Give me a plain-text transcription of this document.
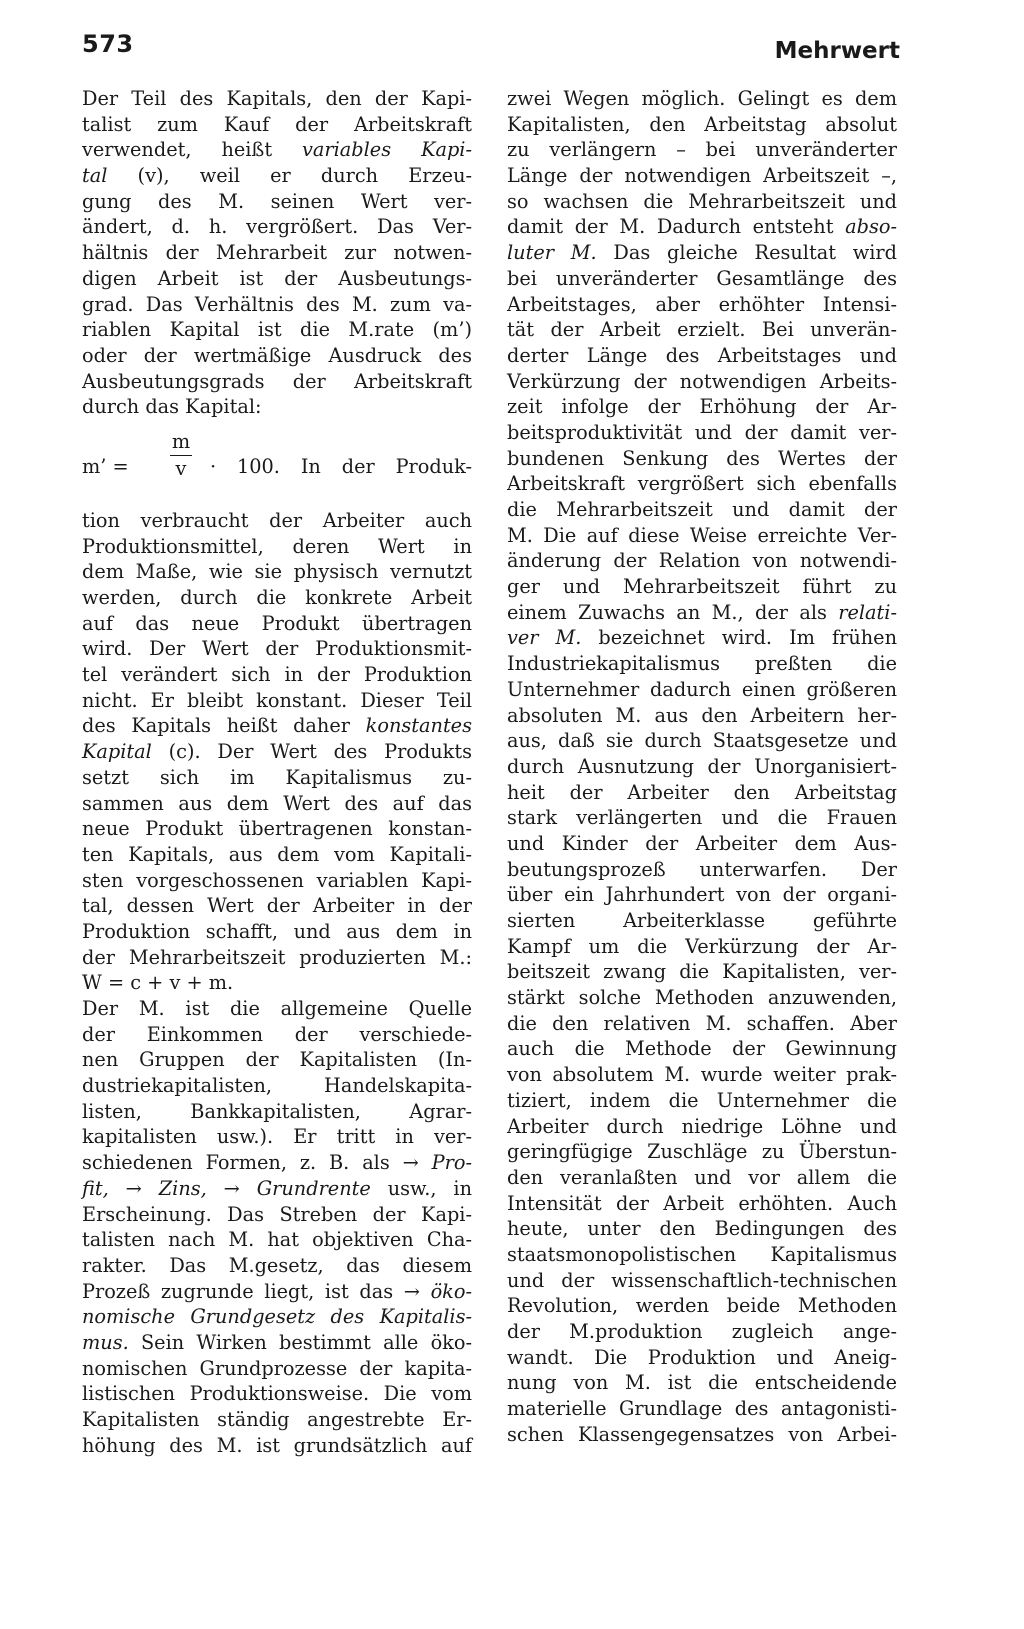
573	Mehrwert
Der Teil des Kapitals, den der Kapi-
talist zum Kauf der Arbeitskraft
verwendet, heißt variables Kapi-
tal (v), weil er durch Erzeu-
gung des M. seinen Wert ver-
ändert, d. h. vergrößert. Das Ver-
hältnis der Mehrarbeit zur notwen-
digen Arbeit ist der Ausbeutungs-
grad. Das Verhältnis des M. zum va-
riablen Kapital ist die M.rate (m’)
oder der wertmäßige Ausdruck des
Ausbeutungsgrads der Arbeitskraft
durch das Kapital:
m’ =
m
v	· 100. In der Produk-
tion verbraucht der Arbeiter auch
Produktionsmittel, deren Wert in
dem Maße, wie sie physisch vernutzt
werden, durch die konkrete Arbeit
auf das neue Produkt übertragen
wird. Der Wert der Produktionsmit-
tel verändert sich in der Produktion
nicht. Er bleibt konstant. Dieser Teil
des Kapitals heißt daher konstantes
Kapital (c). Der Wert des Produkts
setzt sich im Kapitalismus zu-
sammen aus dem Wert des auf das
neue Produkt übertragenen konstan-
ten Kapitals, aus dem vom Kapitali-
sten vorgeschossenen variablen Kapi-
tal, dessen Wert der Arbeiter in der
Produktion schafft, und aus dem in
der Mehrarbeitszeit produzierten M.:
W = c + v + m.
Der M. ist die allgemeine Quelle
der Einkommen der verschiede-
nen Gruppen der Kapitalisten (In-
dustriekapitalisten, Handelskapita-
listen, Bankkapitalisten, Agrar-
kapitalisten usw.). Er tritt in ver-
schiedenen Formen, z. B. als → Pro-
fit, → Zins, → Grundrente usw., in
Erscheinung. Das Streben der Kapi-
talisten nach M. hat objektiven Cha-
rakter. Das M.gesetz, das diesem
Prozeß zugrunde liegt, ist das → öko-
nomische Grundgesetz des Kapitalis-
mus. Sein Wirken bestimmt alle öko-
nomischen Grundprozesse der kapita-
listischen Produktionsweise. Die vom
Kapitalisten ständig angestrebte Er-
höhung des M. ist grundsätzlich auf
zwei Wegen möglich. Gelingt es dem
Kapitalisten, den Arbeitstag absolut
zu verlängern – bei unveränderter
Länge der notwendigen Arbeitszeit –,
so wachsen die Mehrarbeitszeit und
damit der M. Dadurch entsteht abso-
luter M. Das gleiche Resultat wird
bei unveränderter Gesamtlänge des
Arbeitstages, aber erhöhter Intensi-
tät der Arbeit erzielt. Bei unverän-
derter Länge des Arbeitstages und
Verkürzung der notwendigen Arbeits-
zeit infolge der Erhöhung der Ar-
beitsproduktivität und der damit ver-
bundenen Senkung des Wertes der
Arbeitskraft vergrößert sich ebenfalls
die Mehrarbeitszeit und damit der
M. Die auf diese Weise erreichte Ver-
änderung der Relation von notwendi-
ger und Mehrarbeitszeit führt zu
einem Zuwachs an M., der als relati-
ver M. bezeichnet wird. Im frühen
Industriekapitalismus preßten die
Unternehmer dadurch einen größeren
absoluten M. aus den Arbeitern her-
aus, daß sie durch Staatsgesetze und
durch Ausnutzung der Unorganisiert-
heit der Arbeiter den Arbeitstag
stark verlängerten und die Frauen
und Kinder der Arbeiter dem Aus-
beutungsprozeß unterwarfen. Der
über ein Jahrhundert von der organi-
sierten Arbeiterklasse geführte
Kampf um die Verkürzung der Ar-
beitszeit zwang die Kapitalisten, ver-
stärkt solche Methoden anzuwenden,
die den relativen M. schaffen. Aber
auch die Methode der Gewinnung
von absolutem M. wurde weiter prak-
tiziert, indem die Unternehmer die
Arbeiter durch niedrige Löhne und
geringfügige Zuschläge zu Überstun-
den veranlaßten und vor allem die
Intensität der Arbeit erhöhten. Auch
heute, unter den Bedingungen des
staatsmonopolistischen Kapitalismus
und der wissenschaftlich-technischen
Revolution, werden beide Methoden
der M.produktion zugleich ange-
wandt. Die Produktion und Aneig-
nung von M. ist die entscheidende
materielle Grundlage des antagonisti-
schen Klassengegensatzes von Arbei-
